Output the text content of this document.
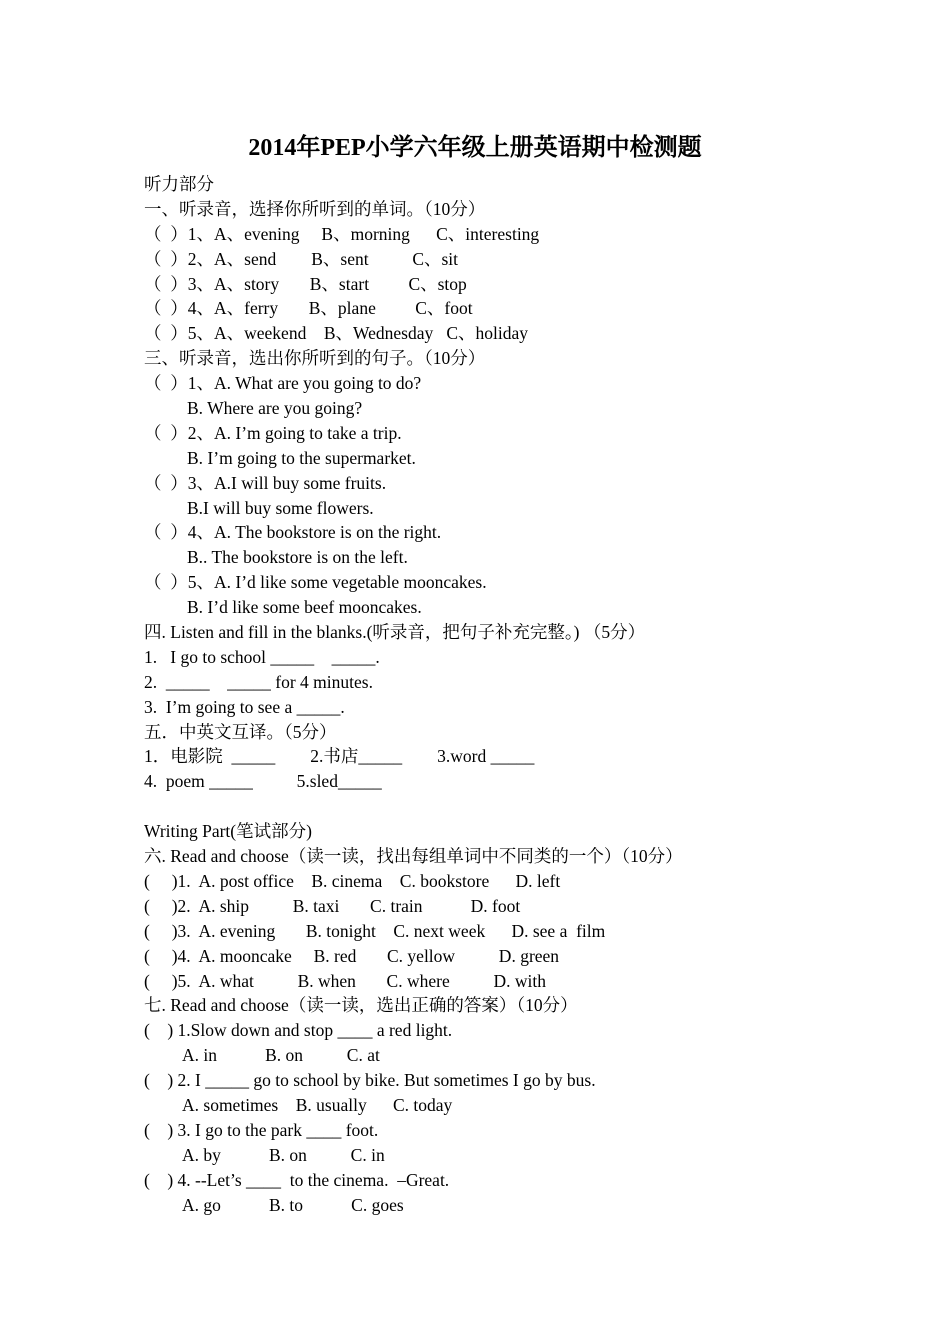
2014年PEP小学六年级上册英语期中检测题
听力部分
一、听录音，选择你所听到的单词。（10分）
（  ）1、A、evening     B、morning      C、interesting
（  ）2、A、send        B、sent          C、sit
（  ）3、A、story       B、start         C、stop
（  ）4、A、ferry       B、plane         C、foot
（  ）5、A、weekend    B、Wednesday   C、holiday
三、听录音，选出你所听到的句子。（10分）
（  ）1、A. What are you going to do?
B. Where are you going?
（  ）2、A. I’m going to take a trip.
B. I’m going to the supermarket.
（  ）3、A.I will buy some fruits.
B.I will buy some flowers.
（  ）4、A. The bookstore is on the right.
B.. The bookstore is on the left.
（  ）5、A. I’d like some vegetable mooncakes.
B. I’d like some beef mooncakes.
四. Listen and fill in the blanks.(听录音，把句子补充完整。) （5分）
1.   I go to school _____    _____.
2.  _____    _____ for 4 minutes.
3.  I’m going to see a _____.
五．中英文互译。（5分）
1．电影院  _____        2.书店_____        3.word _____
4.  poem _____          5.sled_____
Writing Part(笔试部分)
六. Read and choose（读一读，找出每组单词中不同类的一个）（10分）
(     )1.  A. post office    B. cinema    C. bookstore      D. left
(     )2.  A. ship          B. taxi       C. train           D. foot
(     )3.  A. evening       B. tonight    C. next week      D. see a  film
(     )4.  A. mooncake     B. red       C. yellow          D. green
(     )5.  A. what          B. when       C. where          D. with
七. Read and choose（读一读，选出正确的答案）（10分）
(    ) 1.Slow down and stop ____ a red light.
A. in           B. on          C. at
(    ) 2. I _____ go to school by bike. But sometimes I go by bus.
A. sometimes    B. usually      C. today
(    ) 3. I go to the park ____ foot.
A. by           B. on          C. in
(    ) 4. --Let’s ____  to the cinema.  –Great.
A. go           B. to           C. goes
